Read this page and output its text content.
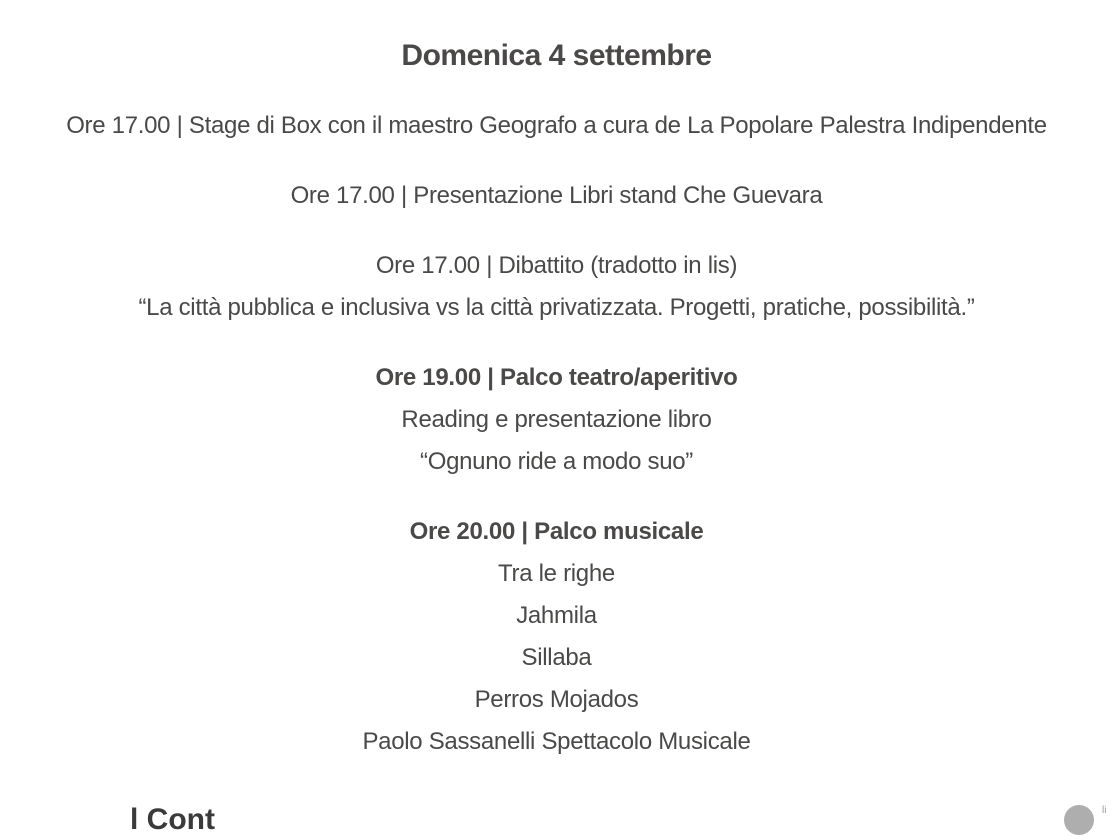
Domenica 4 settembre
Ore 17.00 | Stage di Box con il maestro Geografo a cura de La Popolare Palestra Indipendente
Ore 17.00 | Presentazione Libri stand Che Guevara
Ore 17.00 | Dibattito (tradotto in lis)
“La città pubblica e inclusiva vs la città privatizzata. Progetti, pratiche, possibilità.”
Ore 19.00 | Palco teatro/aperitivo
Reading e presentazione libro
“Ognuno ride a modo suo”
Ore 20.00 | Palco musicale
Tra le righe
Jahmila
Sillaba
Perros Mojados
Paolo Sassanelli Spettacolo Musicale
l Cont	li
